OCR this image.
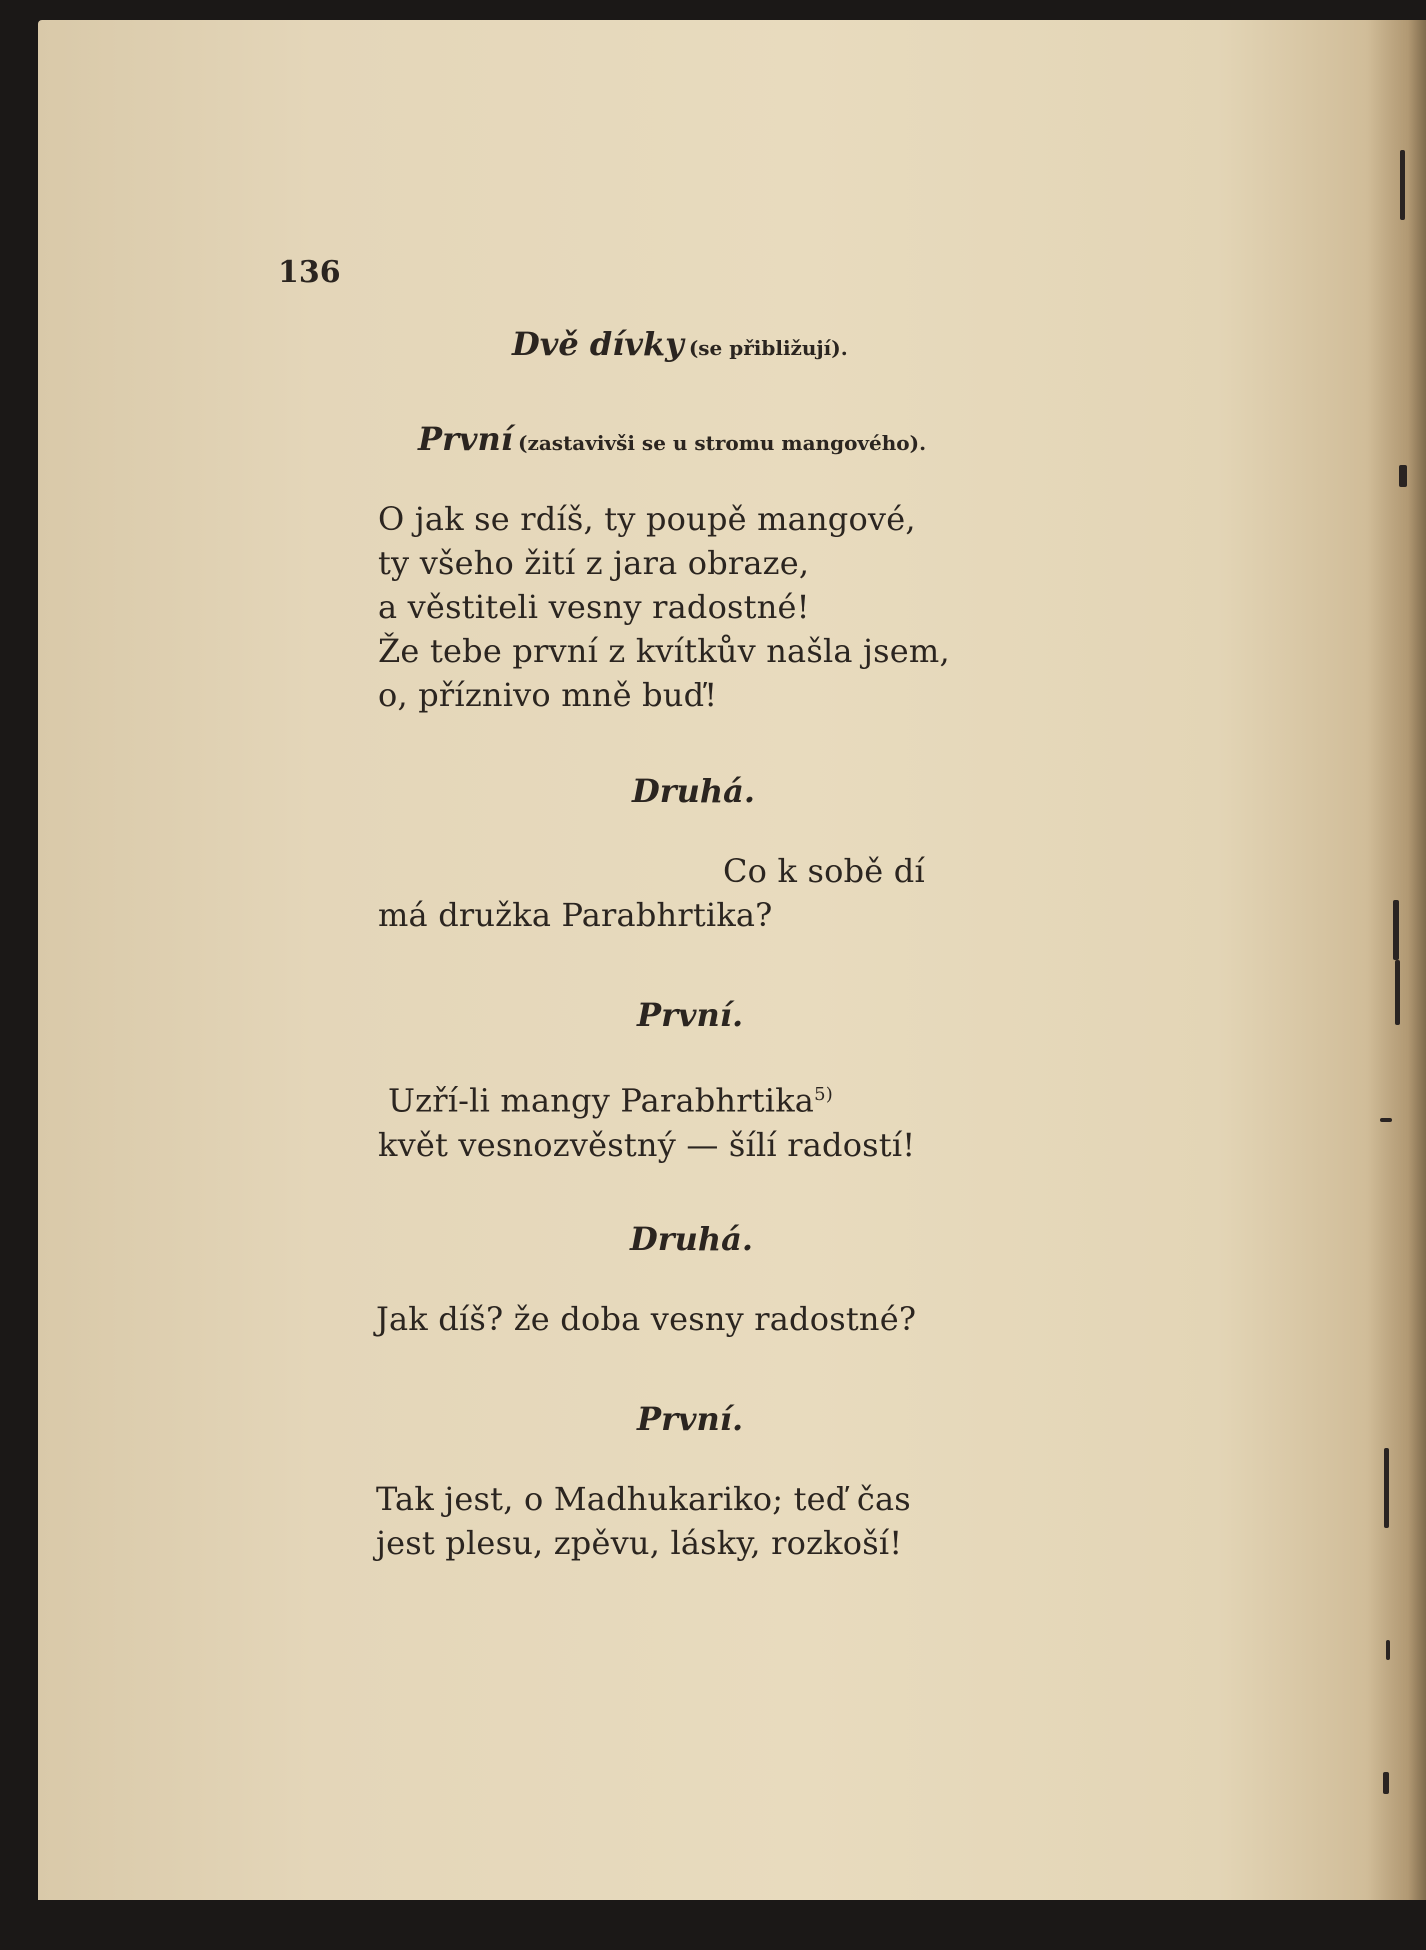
136

Dvě dívky (se přibližují).

První (zastavivši se u stromu mangového).

O jak se rdíš, ty poupě mangové,
ty všeho žití z jara obraze,
a věstiteli vesny radostné!
Že tebe první z kvítkův našla jsem,
o, příznivo mně buď!

Druhá.

Co k sobě dí
má družka Parabhrtika?

První.

Uzří-li mangy Parabhrtika$^{5)}$
květ vesnozvěstný — šílí radostí!

Druhá.

Jak díš? že doba vesny radostné?

První.

Tak jest, o Madhukariko; teď čas
jest plesu, zpěvu, lásky, rozkoší!
